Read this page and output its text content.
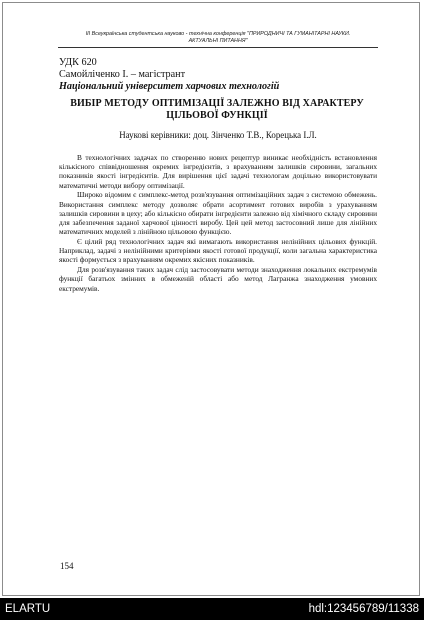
III Всеукраїнська студентська науково - технічна конференція "ПРИРОДНИЧІ ТА ГУМАНІТАРНІ НАУКИ. АКТУАЛЬНІ ПИТАННЯ"
УДК 620
Самойліченко І. – магістрант
Національний університет харчових технологій
ВИБІР МЕТОДУ ОПТИМІЗАЦІЇ ЗАЛЕЖНО ВІД ХАРАКТЕРУ ЦІЛЬОВОЇ ФУНКЦІЇ
Наукові керівники: доц. Зінченко Т.В., Корецька І.Л.

В технологічних задачах по створенню нових рецептур виникає необхідність встановлення кількісного співвідношення окремих інгредієнтів, з врахуванням залишків сировини, загальних показників якості інгредієнтів. Для вирішення цієї задачі технологам доцільно використовувати математичні методи вибору оптимізації.

Широко відомим є симплекс-метод розв'язування оптимізаційних задач з системою обмежень. Використання симплекс методу дозволяє обрати асортимент готових виробів з урахуванням залишків сировини в цеху; або кількісно обирати інгредієнти залежно від хімічного складу сировини для забезпечення заданої харчової цінності виробу. Цей цей метод застосовний лише для лінійних математичних моделей з лінійною цільовою функцією.

Є цілий ряд технологічних задач які вимагають використання нелінійних цільових функцій. Наприклад, задачі з нелінійними критеріями якості готової продукції, коли загальна характеристика якості формується з врахуванням окремих якісних показників.

Для розв'язування таких задач слід застосовувати методи знаходження локальних екстремумів функції багатьох змінних в обмеженій області або метод Лагранжа знаходження умовних екстремумів.

154
ELARTU	hdl:123456789/11338
